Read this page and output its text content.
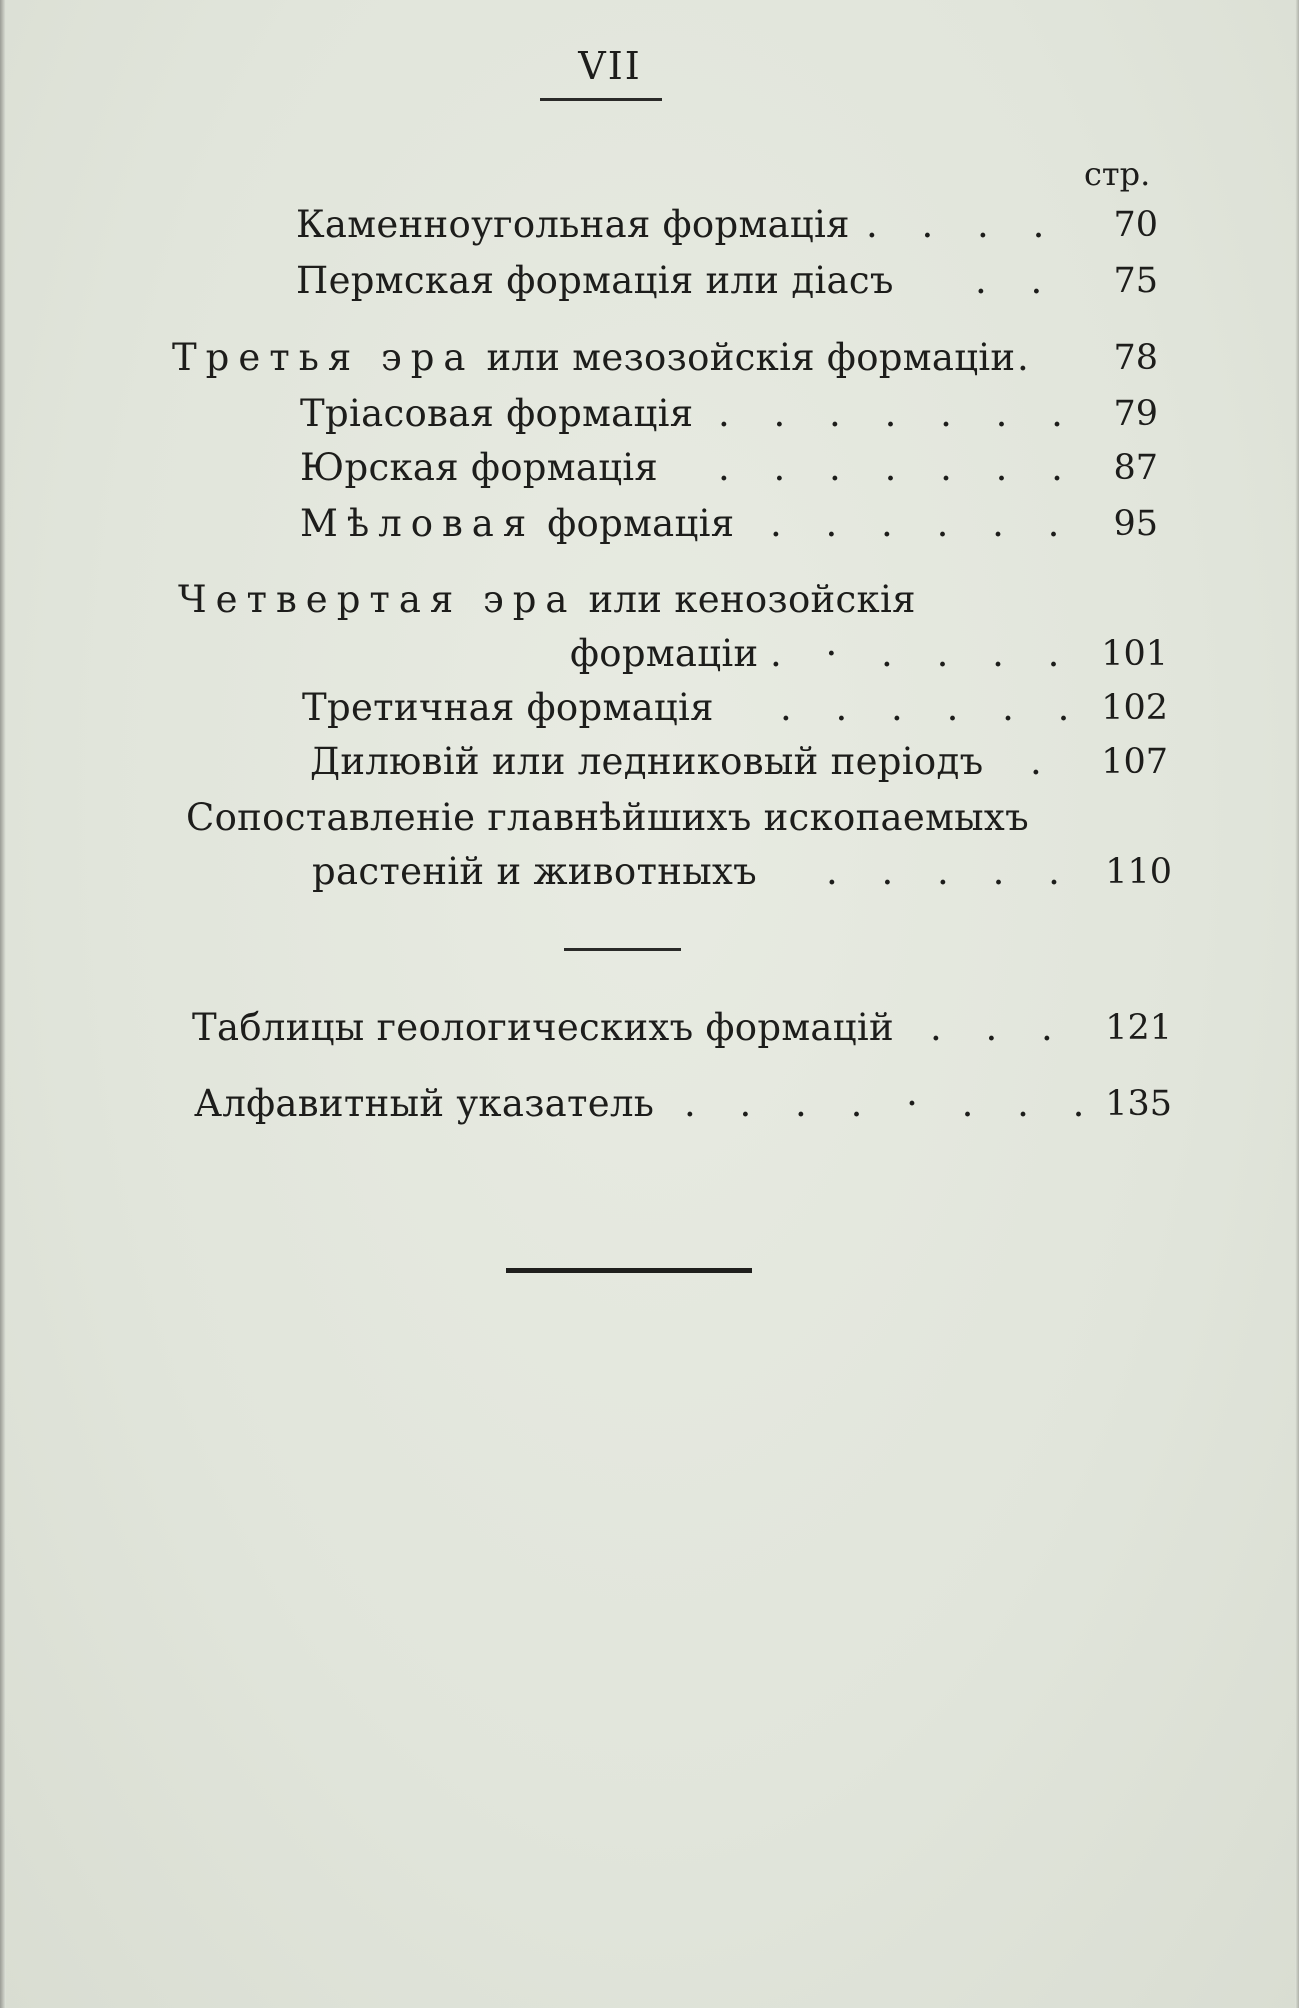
VII
стр.
Каменноугольная формація . . . .	70
Пермская формація или діасъ . .	75
Третья эра или мезозойскія формаціи .	78
Тріасовая формація . . . . . . . 79
Юрская формація . . . . . . . 87
Мѣловая формація . . . . . .	95
Четвертая эра или кенозойскія
формаціи . · . . . . 101
Третичная формація . . . . . . 102
Дилювій или ледниковый періодъ .	107
Сопоставленіе главнѣйшихъ ископаемыхъ
растеній и животныхъ . . . . . 110
Таблицы геологическихъ формацій . . .	121
Алфавитный указатель . . . . · . . . 135
